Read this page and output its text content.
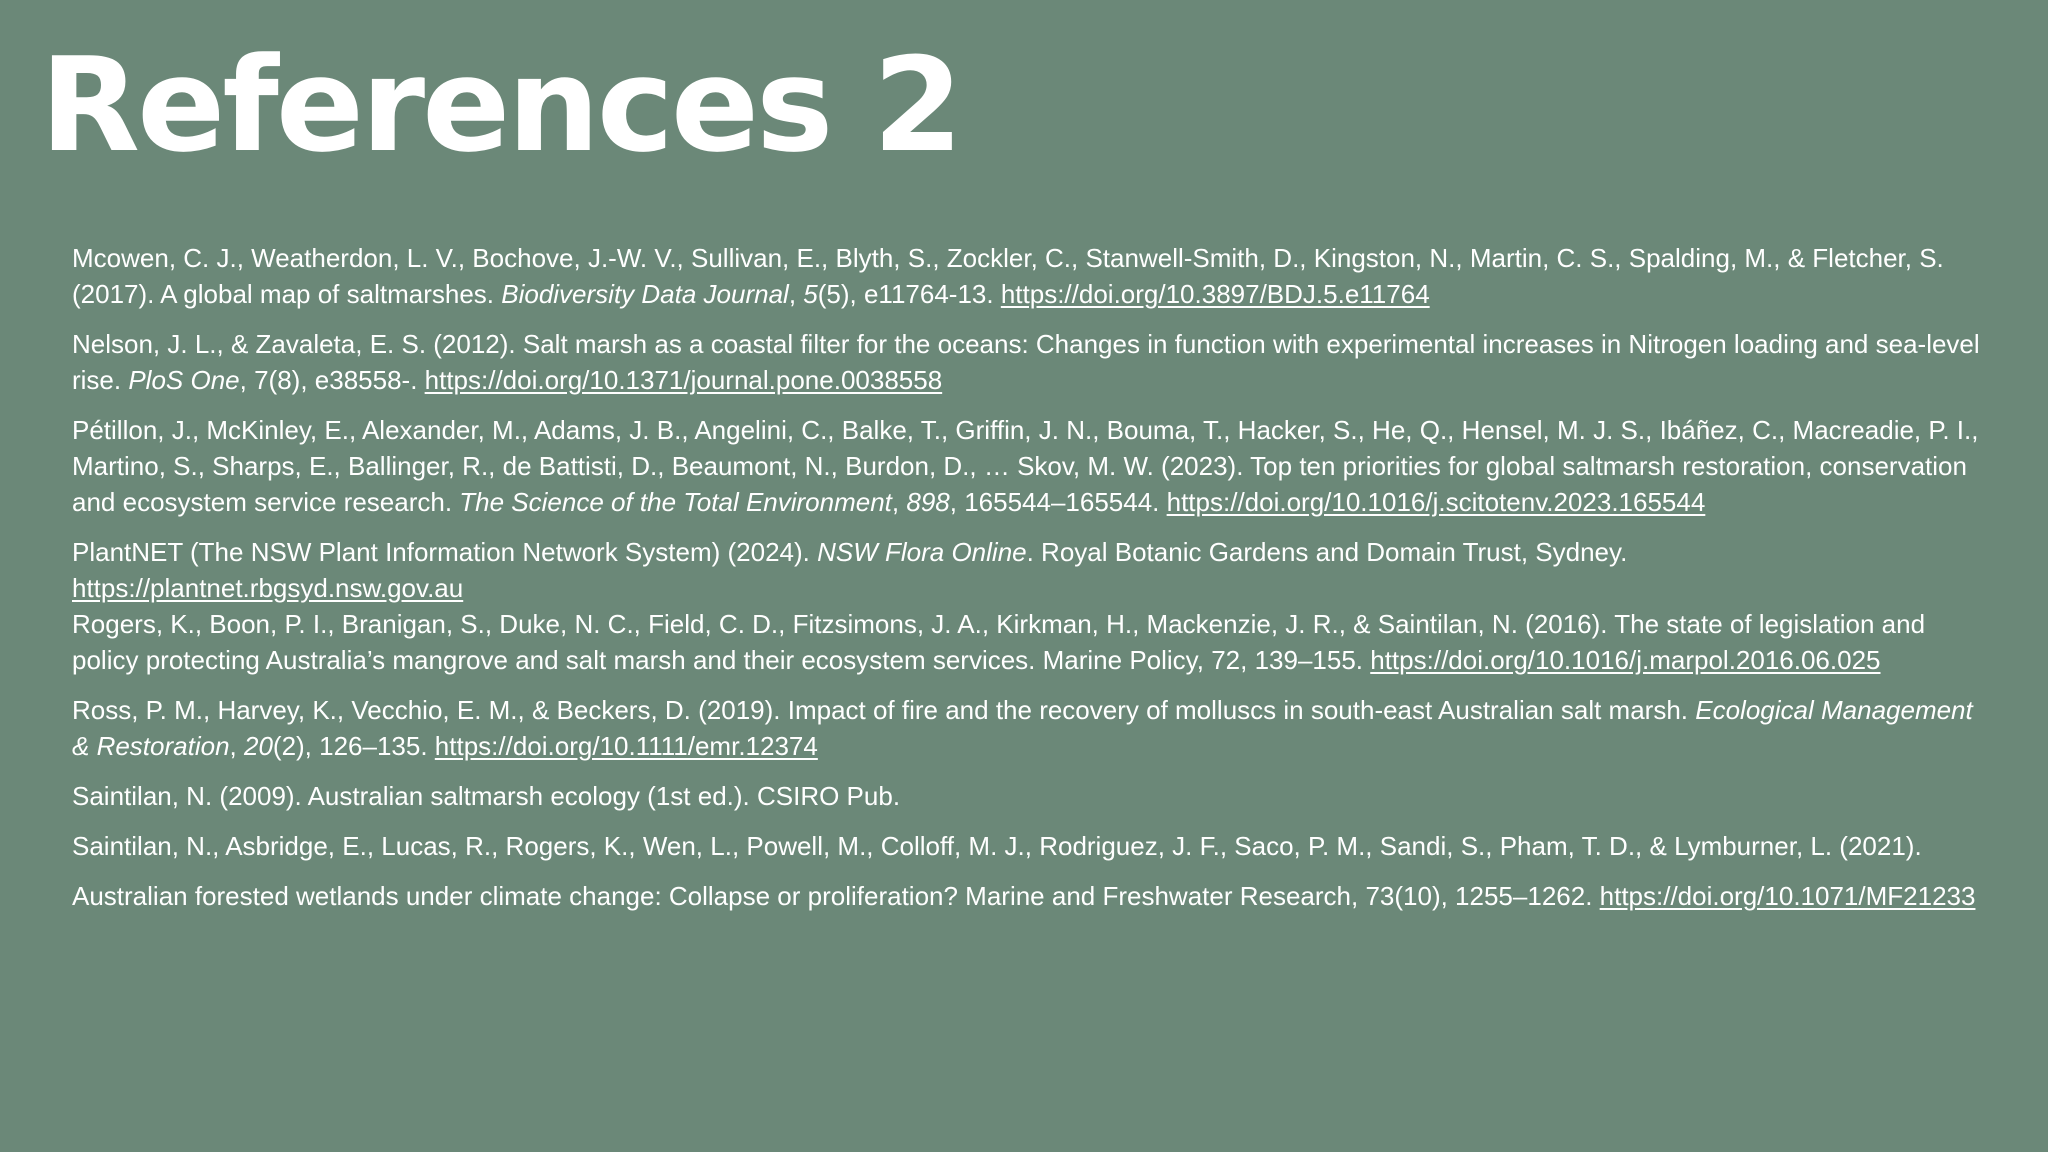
References 2

Mcowen, C. J., Weatherdon, L. V., Bochove, J.-W. V., Sullivan, E., Blyth, S., Zockler, C., Stanwell-Smith, D., Kingston, N., Martin, C. S., Spalding, M., & Fletcher, S. (2017). A global map of saltmarshes. Biodiversity Data Journal, 5(5), e11764-13. https://doi.org/10.3897/BDJ.5.e11764

Nelson, J. L., & Zavaleta, E. S. (2012). Salt marsh as a coastal filter for the oceans: Changes in function with experimental increases in Nitrogen loading and sea-level rise. PloS One, 7(8), e38558-. https://doi.org/10.1371/journal.pone.0038558

Pétillon, J., McKinley, E., Alexander, M., Adams, J. B., Angelini, C., Balke, T., Griffin, J. N., Bouma, T., Hacker, S., He, Q., Hensel, M. J. S., Ibáñez, C., Macreadie, P. I., Martino, S., Sharps, E., Ballinger, R., de Battisti, D., Beaumont, N., Burdon, D., … Skov, M. W. (2023). Top ten priorities for global saltmarsh restoration, conservation and ecosystem service research. The Science of the Total Environment, 898, 165544–165544. https://doi.org/10.1016/j.scitotenv.2023.165544

PlantNET (The NSW Plant Information Network System) (2024). NSW Flora Online. Royal Botanic Gardens and Domain Trust, Sydney. https://plantnet.rbgsyd.nsw.gov.au

Rogers, K., Boon, P. I., Branigan, S., Duke, N. C., Field, C. D., Fitzsimons, J. A., Kirkman, H., Mackenzie, J. R., & Saintilan, N. (2016). The state of legislation and policy protecting Australia’s mangrove and salt marsh and their ecosystem services. Marine Policy, 72, 139–155. https://doi.org/10.1016/j.marpol.2016.06.025

Ross, P. M., Harvey, K., Vecchio, E. M., & Beckers, D. (2019). Impact of fire and the recovery of molluscs in south-east Australian salt marsh. Ecological Management & Restoration, 20(2), 126–135. https://doi.org/10.1111/emr.12374

Saintilan, N. (2009). Australian saltmarsh ecology (1st ed.). CSIRO Pub.

Saintilan, N., Asbridge, E., Lucas, R., Rogers, K., Wen, L., Powell, M., Colloff, M. J., Rodriguez, J. F., Saco, P. M., Sandi, S., Pham, T. D., & Lymburner, L. (2021).

Australian forested wetlands under climate change: Collapse or proliferation? Marine and Freshwater Research, 73(10), 1255–1262. https://doi.org/10.1071/MF21233
